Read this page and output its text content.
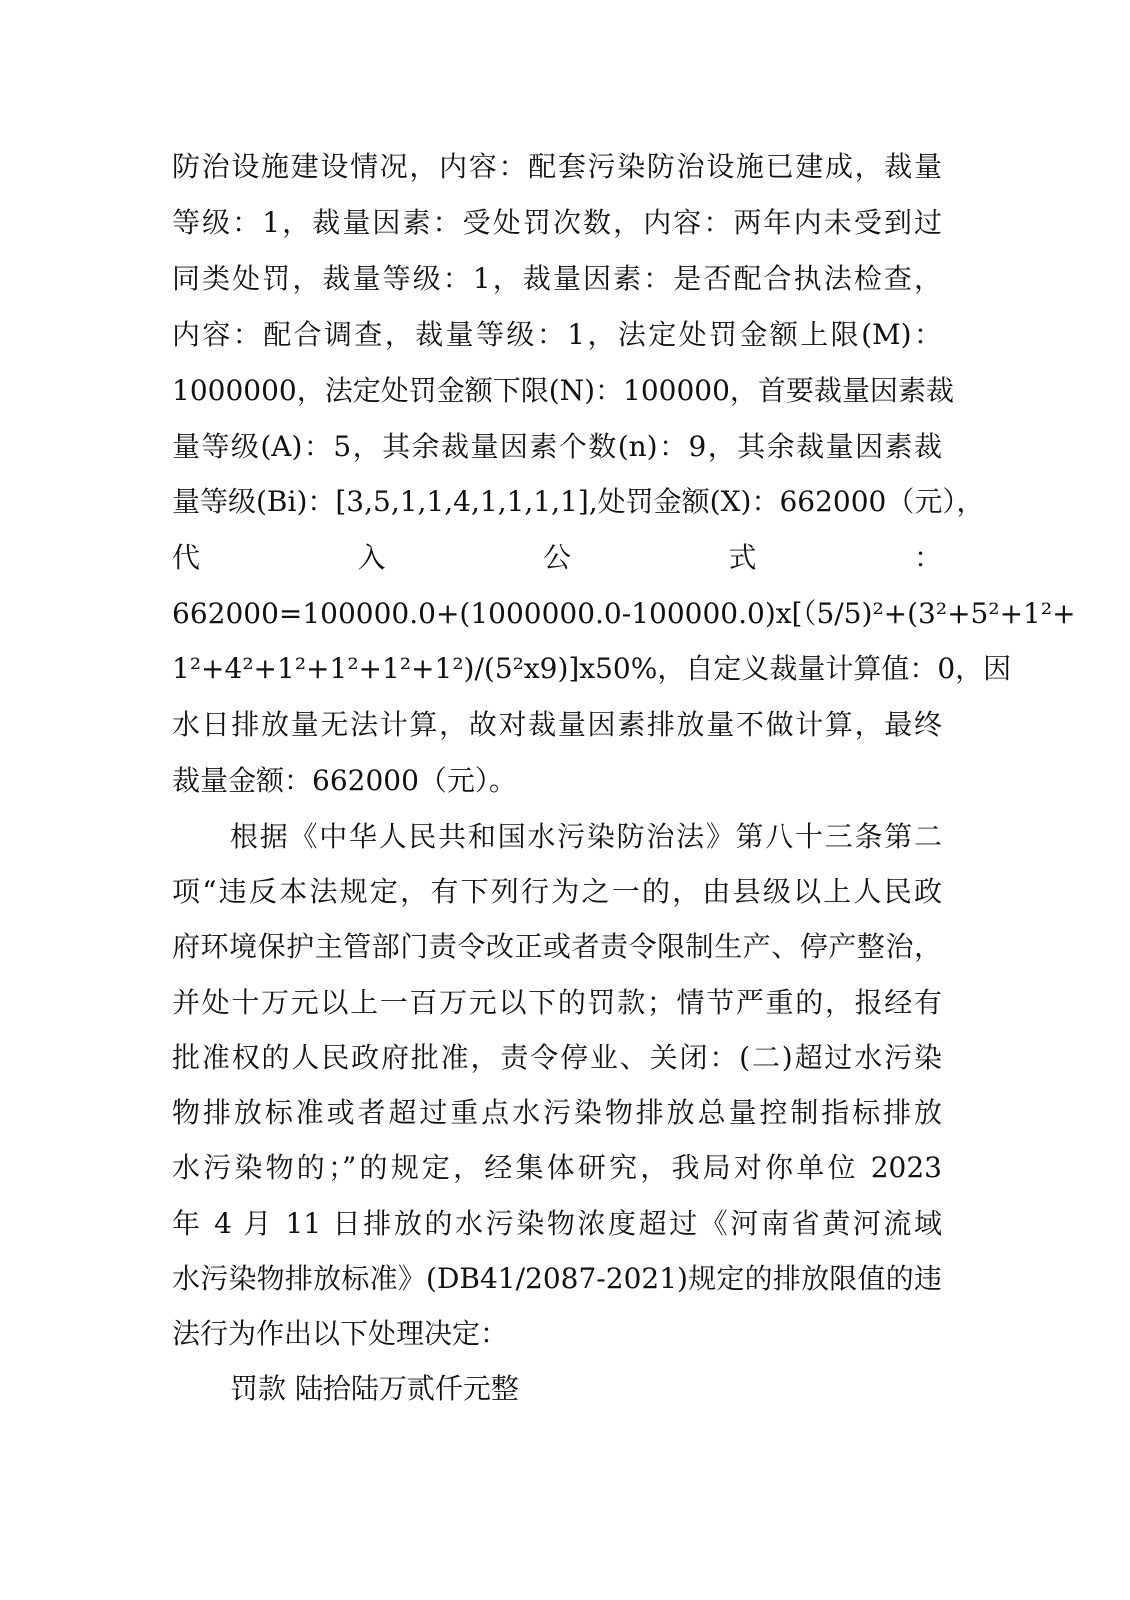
防治设施建设情况，内容：配套污染防治设施已建成，裁量
等级：1，裁量因素：受处罚次数，内容：两年内未受到过
同类处罚，裁量等级：1，裁量因素：是否配合执法检查，
内容：配合调查，裁量等级：1，法定处罚金额上限(M)：
1000000，法定处罚金额下限(N)：100000，首要裁量因素裁
量等级(A)：5，其余裁量因素个数(n)：9，其余裁量因素裁
量等级(Bi)：[3,5,1,1,4,1,1,1,1],处罚金额(X)：662000（元），
代　　　　入　　　　公　　　　式　　　　：
662000=100000.0+(1000000.0-100000.0)x[（5/5)²+(3²+5²+1²+
1²+4²+1²+1²+1²+1²)/(5²x9)]x50%，自定义裁量计算值：0，因
水日排放量无法计算，故对裁量因素排放量不做计算，最终
裁量金额：662000（元）。
根据《中华人民共和国水污染防治法》第八十三条第二
项“违反本法规定，有下列行为之一的，由县级以上人民政
府环境保护主管部门责令改正或者责令限制生产、停产整治，
并处十万元以上一百万元以下的罚款；情节严重的，报经有
批准权的人民政府批准，责令停业、关闭：(二)超过水污染
物排放标准或者超过重点水污染物排放总量控制指标排放
水污染物的；”的规定，经集体研究，我局对你单位 2023
年 4 月 11 日排放的水污染物浓度超过《河南省黄河流域
水污染物排放标准》(DB41/2087-2021)规定的排放限值的违
法行为作出以下处理决定：
罚款 陆拾陆万贰仟元整
